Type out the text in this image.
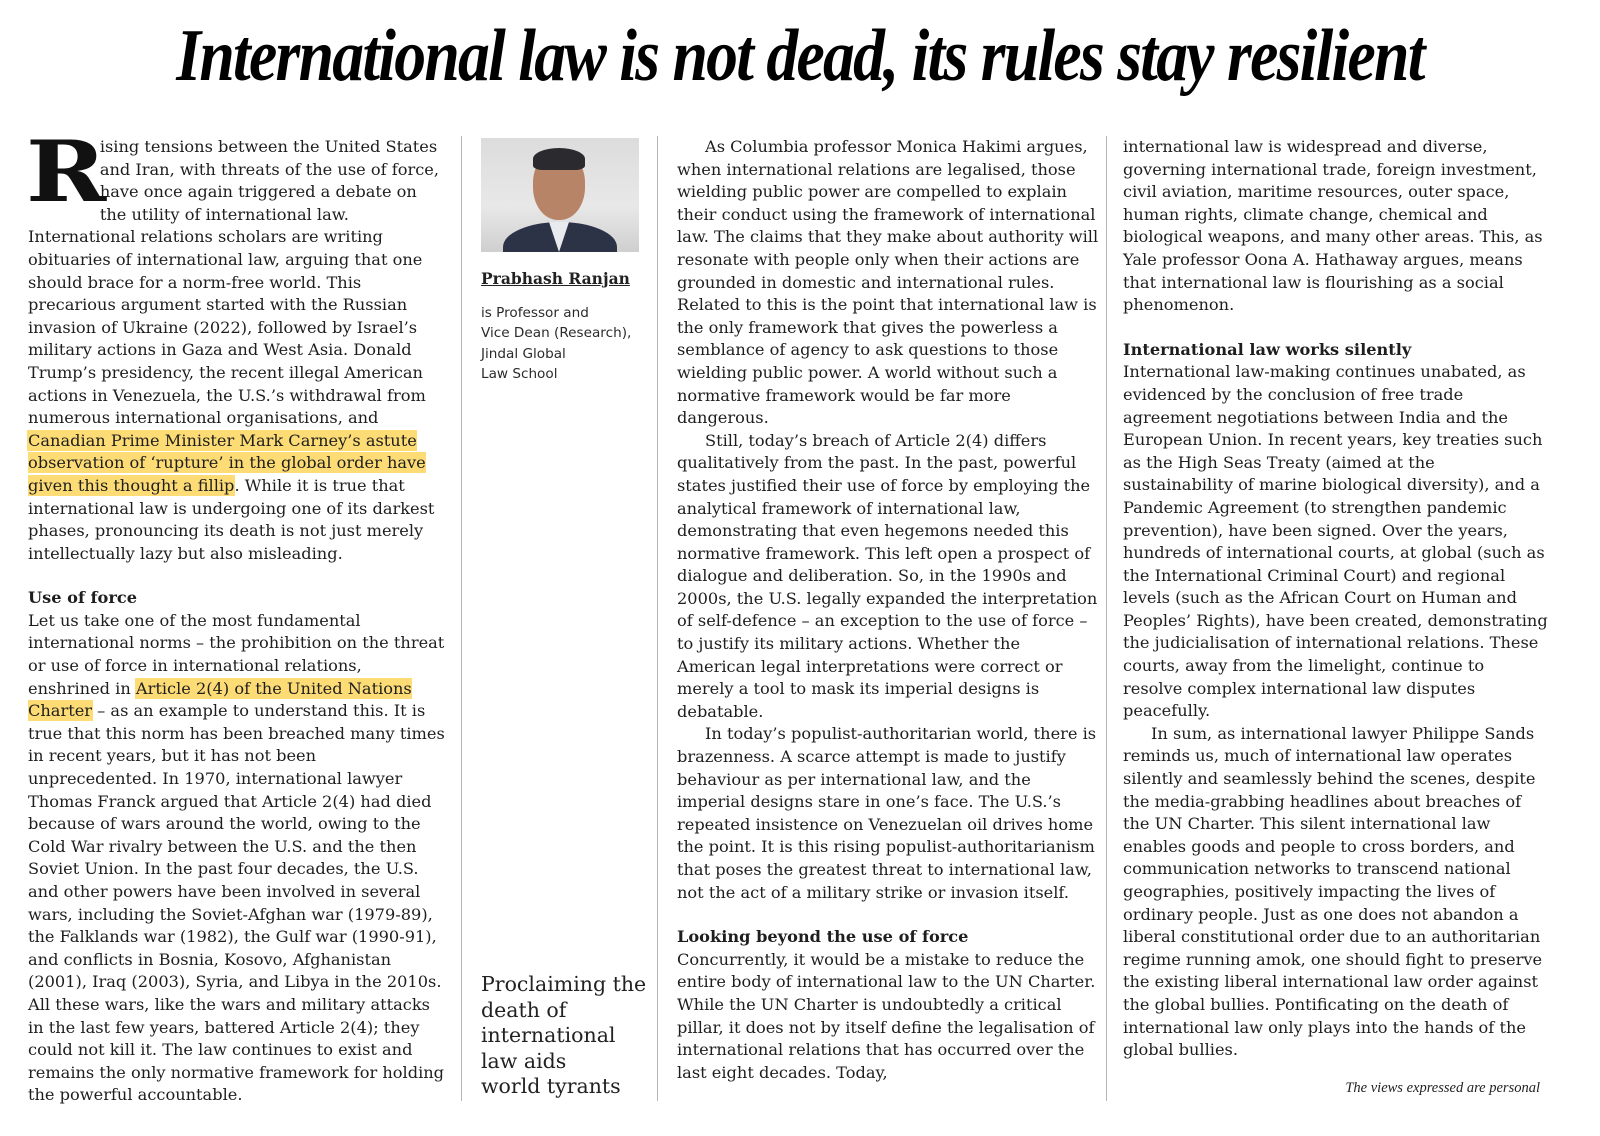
International law is not dead, its rules stay resilient

R
ising tensions between the United States and Iran, with threats of the use of force, have once again triggered a debate on the utility of international law. International relations scholars are writing obituaries of international law, arguing that one should brace for a norm-free world. This precarious argument started with the Russian invasion of Ukraine (2022), followed by Israel’s military actions in Gaza and West Asia. Donald Trump’s presidency, the recent illegal American actions in Venezuela, the U.S.’s withdrawal from numerous international organisations, and Canadian Prime Minister Mark Carney’s astute observation of ‘rupture’ in the global order have given this thought a fillip. While it is true that international law is undergoing one of its darkest phases, pronouncing its death is not just merely intellectually lazy but also misleading.

Use of force

Let us take one of the most fundamental international norms – the prohibition on the threat or use of force in international relations, enshrined in Article 2(4) of the United Nations Charter – as an example to understand this. It is true that this norm has been breached many times in recent years, but it has not been unprecedented. In 1970, international lawyer Thomas Franck argued that Article 2(4) had died because of wars around the world, owing to the Cold War rivalry between the U.S. and the then Soviet Union. In the past four decades, the U.S. and other powers have been involved in several wars, including the Soviet-Afghan war (1979-89), the Falklands war (1982), the Gulf war (1990-91), and conflicts in Bosnia, Kosovo, Afghanistan (2001), Iraq (2003), Syria, and Libya in the 2010s. All these wars, like the wars and military attacks in the last few years, battered Article 2(4); they could not kill it. The law continues to exist and remains the only normative framework for holding the powerful accountable.

Prabhash Ranjan
is Professor and
Vice Dean (Research),
Jindal Global
Law School
Proclaiming the
death of
international
law aids
world tyrants

As Columbia professor Monica Hakimi argues, when international relations are legalised, those wielding public power are compelled to explain their conduct using the framework of international law. The claims that they make about authority will resonate with people only when their actions are grounded in domestic and international rules. Related to this is the point that international law is the only framework that gives the powerless a semblance of agency to ask questions to those wielding public power. A world without such a normative framework would be far more dangerous.

Still, today’s breach of Article 2(4) differs qualitatively from the past. In the past, powerful states justified their use of force by employing the analytical framework of international law, demonstrating that even hegemons needed this normative framework. This left open a prospect of dialogue and deliberation. So, in the 1990s and 2000s, the U.S. legally expanded the interpretation of self-defence – an exception to the use of force – to justify its military actions. Whether the American legal interpretations were correct or merely a tool to mask its imperial designs is debatable.

In today’s populist-authoritarian world, there is brazenness. A scarce attempt is made to justify behaviour as per international law, and the imperial designs stare in one’s face. The U.S.’s repeated insistence on Venezuelan oil drives home the point. It is this rising populist-authoritarianism that poses the greatest threat to international law, not the act of a military strike or invasion itself.

Looking beyond the use of force

Concurrently, it would be a mistake to reduce the entire body of international law to the UN Charter. While the UN Charter is undoubtedly a critical pillar, it does not by itself define the legalisation of international relations that has occurred over the last eight decades. Today,

international law is widespread and diverse, governing international trade, foreign investment, civil aviation, maritime resources, outer space, human rights, climate change, chemical and biological weapons, and many other areas. This, as Yale professor Oona A. Hathaway argues, means that international law is flourishing as a social phenomenon.

International law works silently

International law-making continues unabated, as evidenced by the conclusion of free trade agreement negotiations between India and the European Union. In recent years, key treaties such as the High Seas Treaty (aimed at the sustainability of marine biological diversity), and a Pandemic Agreement (to strengthen pandemic prevention), have been signed. Over the years, hundreds of international courts, at global (such as the International Criminal Court) and regional levels (such as the African Court on Human and Peoples’ Rights), have been created, demonstrating the judicialisation of international relations. These courts, away from the limelight, continue to resolve complex international law disputes peacefully.

In sum, as international lawyer Philippe Sands reminds us, much of international law operates silently and seamlessly behind the scenes, despite the media-grabbing headlines about breaches of the UN Charter. This silent international law enables goods and people to cross borders, and communication networks to transcend national geographies, positively impacting the lives of ordinary people. Just as one does not abandon a liberal constitutional order due to an authoritarian regime running amok, one should fight to preserve the existing liberal international law order against the global bullies. Pontificating on the death of international law only plays into the hands of the global bullies.

The views expressed are personal
